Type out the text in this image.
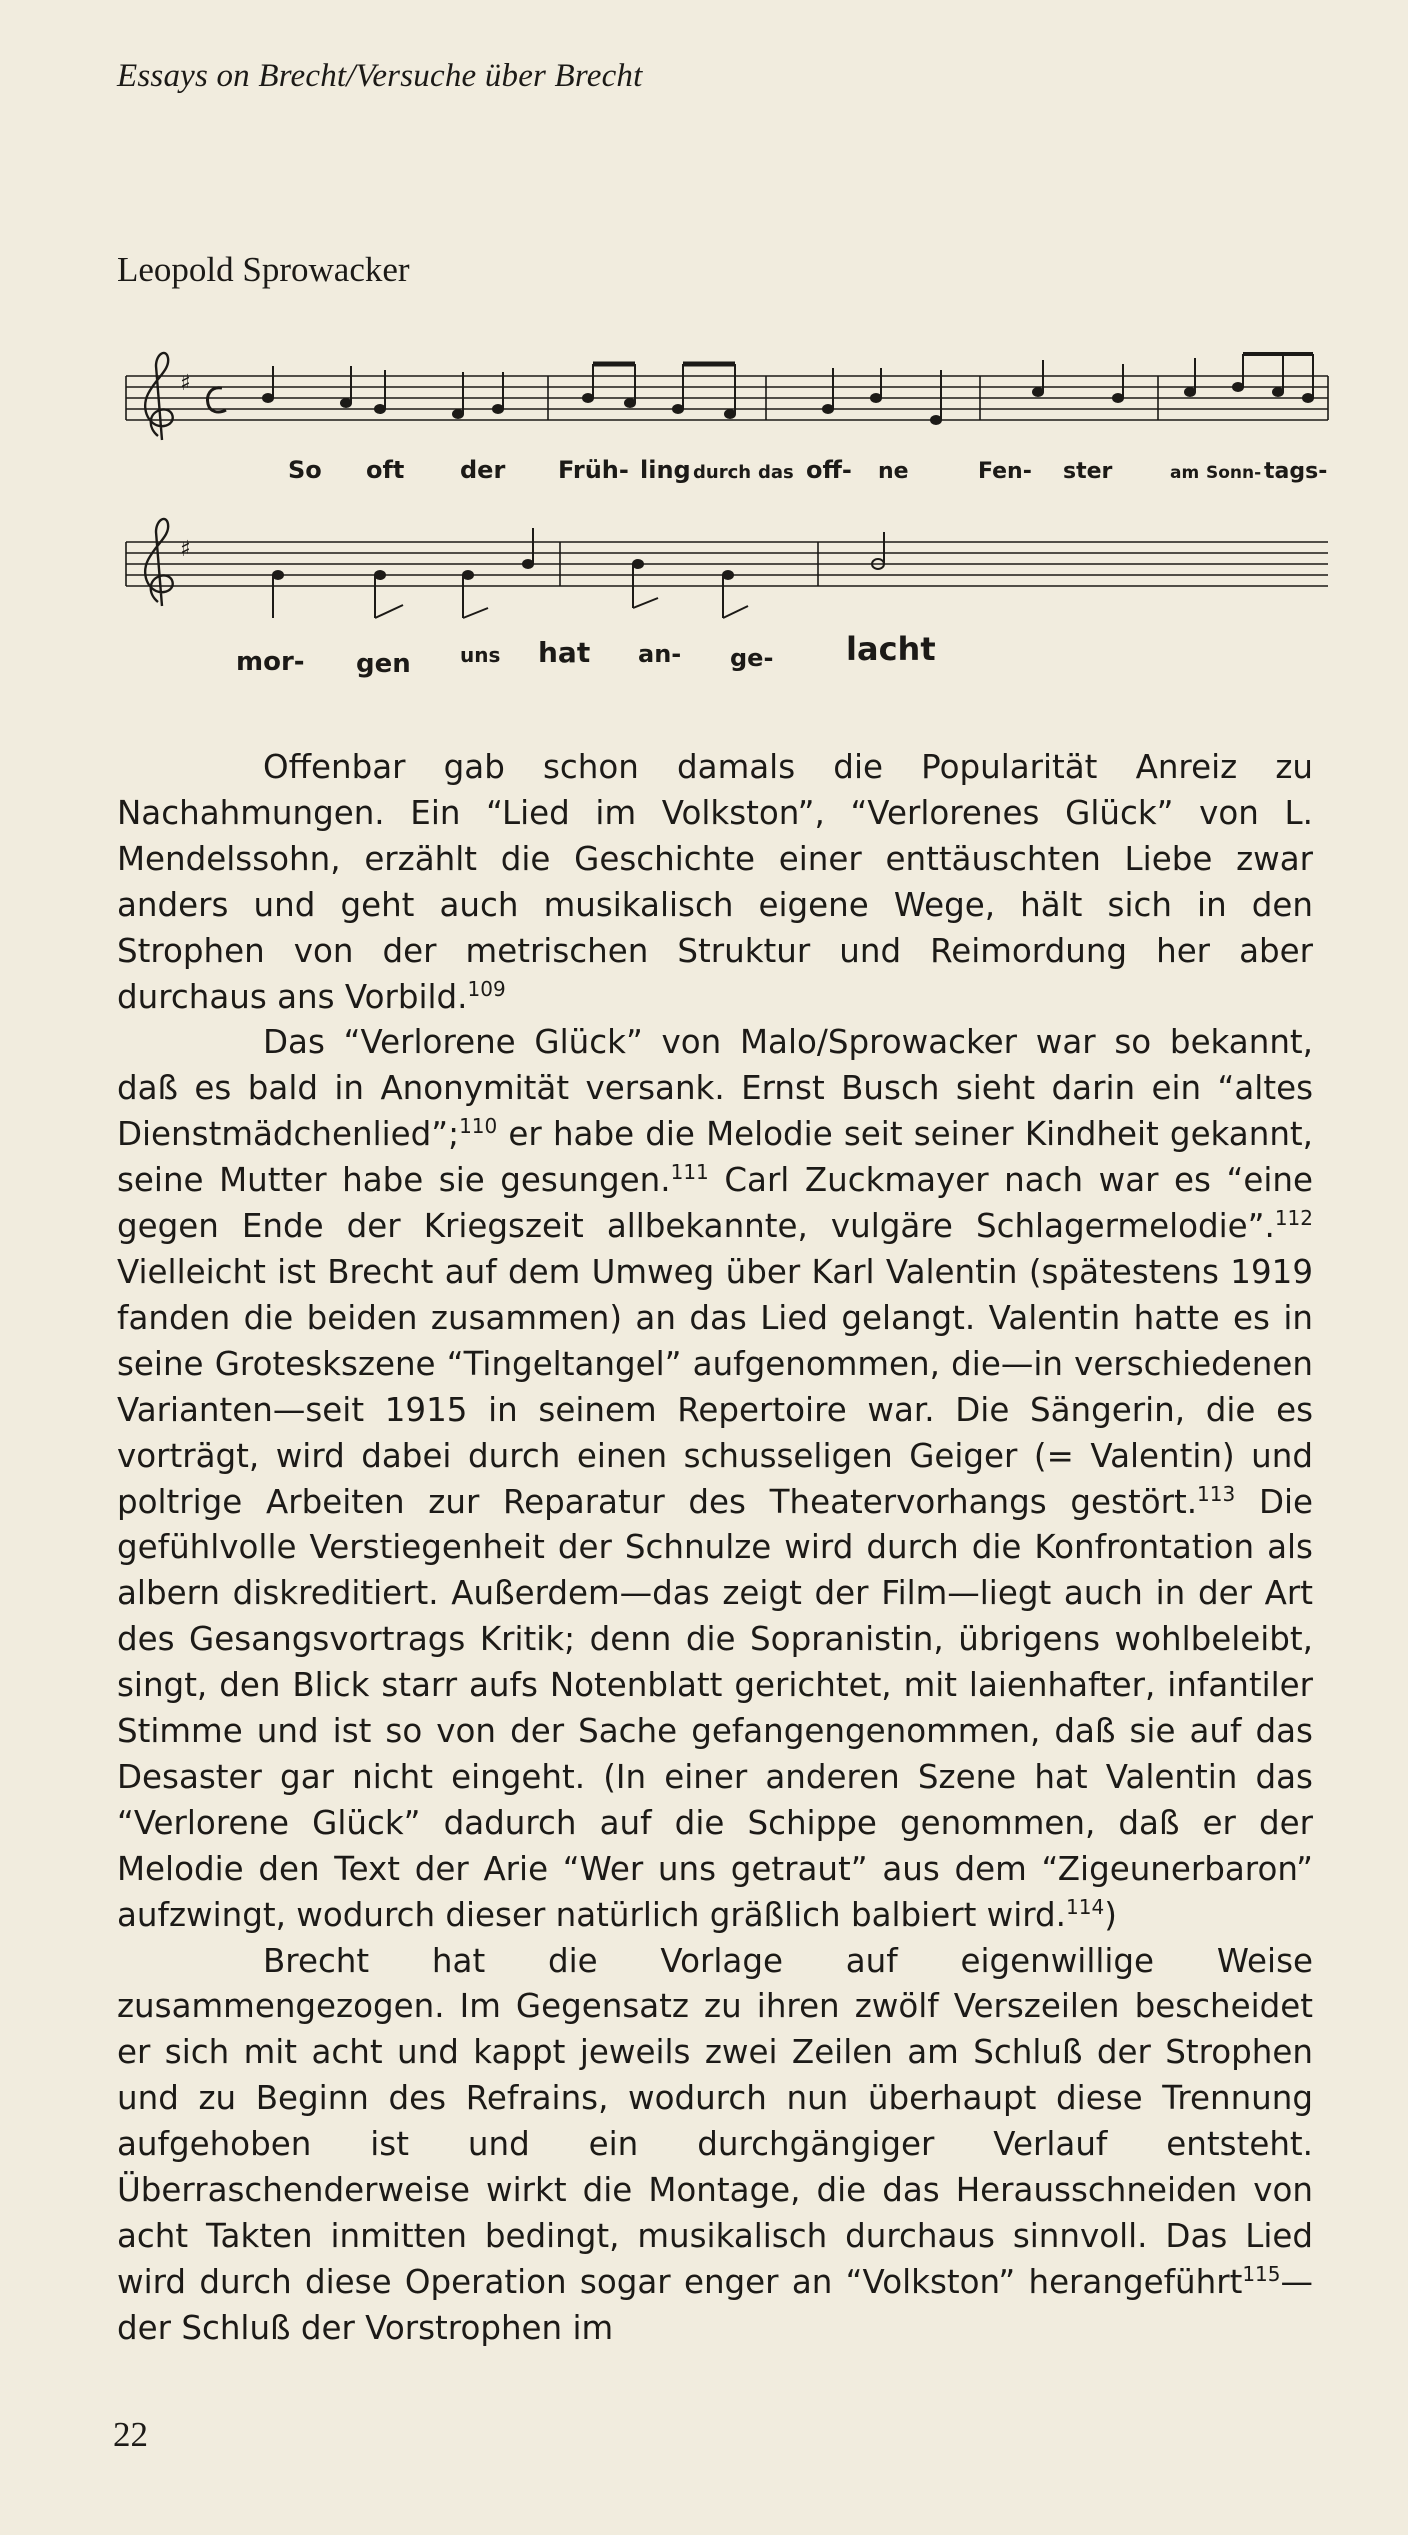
Essays on Brecht/Versuche über Brecht
Leopold Sprowacker
♯
♯
So oft der Früh- ling durch das off- ne	Fen- ster	am Sonn- tags-
mor- gen uns hat an- ge- lacht

Offenbar gab schon damals die Popularität Anreiz zu Nachahmungen. Ein “Lied im Volkston”, “Verlorenes Glück” von L. Mendelssohn, erzählt die Geschichte einer enttäuschten Liebe zwar anders und geht auch musikalisch eigene Wege, hält sich in den Strophen von der metrischen Struktur und Reimordung her aber durchaus ans Vorbild.$^{109}$

Das “Verlorene Glück” von Malo/Sprowacker war so bekannt, daß es bald in Anonymität versank. Ernst Busch sieht darin ein “altes Dienstmädchenlied”;$^{110}$ er habe die Melodie seit seiner Kindheit gekannt, seine Mutter habe sie gesungen.$^{111}$ Carl Zuckmayer nach war es “eine gegen Ende der Kriegszeit allbekannte, vulgäre Schlagermelodie”.$^{112}$ Vielleicht ist Brecht auf dem Umweg über Karl Valentin (spätestens 1919 fanden die beiden zusammen) an das Lied gelangt. Valentin hatte es in seine Groteskszene “Tingeltangel” aufgenommen, die—in verschiedenen Varianten—seit 1915 in seinem Repertoire war. Die Sängerin, die es vorträgt, wird dabei durch einen schusseligen Geiger (= Valentin) und poltrige Arbeiten zur Reparatur des Theatervorhangs gestört.$^{113}$ Die gefühlvolle Verstiegenheit der Schnulze wird durch die Konfrontation als albern diskreditiert. Außerdem—das zeigt der Film—liegt auch in der Art des Gesangsvortrags Kritik; denn die Sopranistin, übrigens wohlbeleibt, singt, den Blick starr aufs Notenblatt gerichtet, mit laienhafter, infantiler Stimme und ist so von der Sache gefangengenommen, daß sie auf das Desaster gar nicht eingeht. (In einer anderen Szene hat Valentin das “Verlorene Glück” dadurch auf die Schippe genommen, daß er der Melodie den Text der Arie “Wer uns getraut” aus dem “Zigeunerbaron” aufzwingt, wodurch dieser natürlich gräßlich balbiert wird.$^{114}$)

Brecht hat die Vorlage auf eigenwillige Weise zusammengezogen. Im Gegensatz zu ihren zwölf Verszeilen bescheidet er sich mit acht und kappt jeweils zwei Zeilen am Schluß der Strophen und zu Beginn des Refrains, wodurch nun überhaupt diese Trennung aufgehoben ist und ein durchgängiger Verlauf entsteht. Überraschenderweise wirkt die Montage, die das Herausschneiden von acht Takten inmitten bedingt, musikalisch durchaus sinnvoll. Das Lied wird durch diese Operation sogar enger an “Volkston” herangeführt$^{115}$—der Schluß der Vorstrophen im

22
